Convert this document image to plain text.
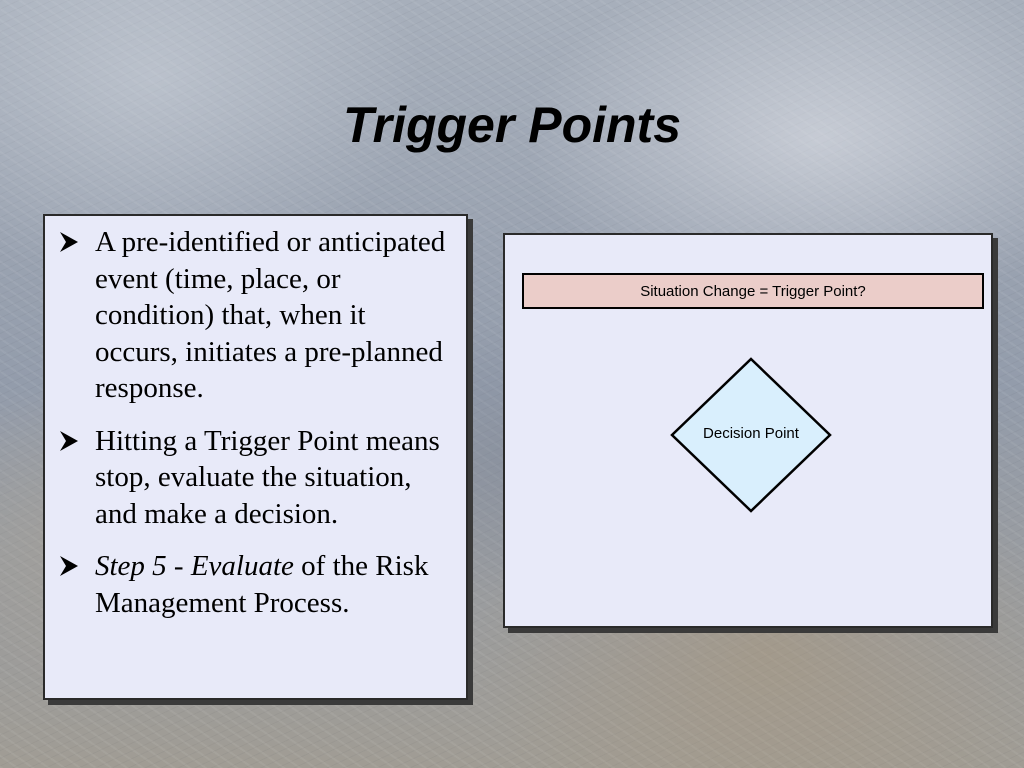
Trigger Points
A pre-identified or anticipated event (time, place, or condition) that, when it occurs, initiates a pre-planned response.
Hitting a Trigger Point means stop, evaluate the situation, and make a decision.
Step 5 - Evaluate of the Risk Management Process.
Situation Change = Trigger Point?
Decision Point
